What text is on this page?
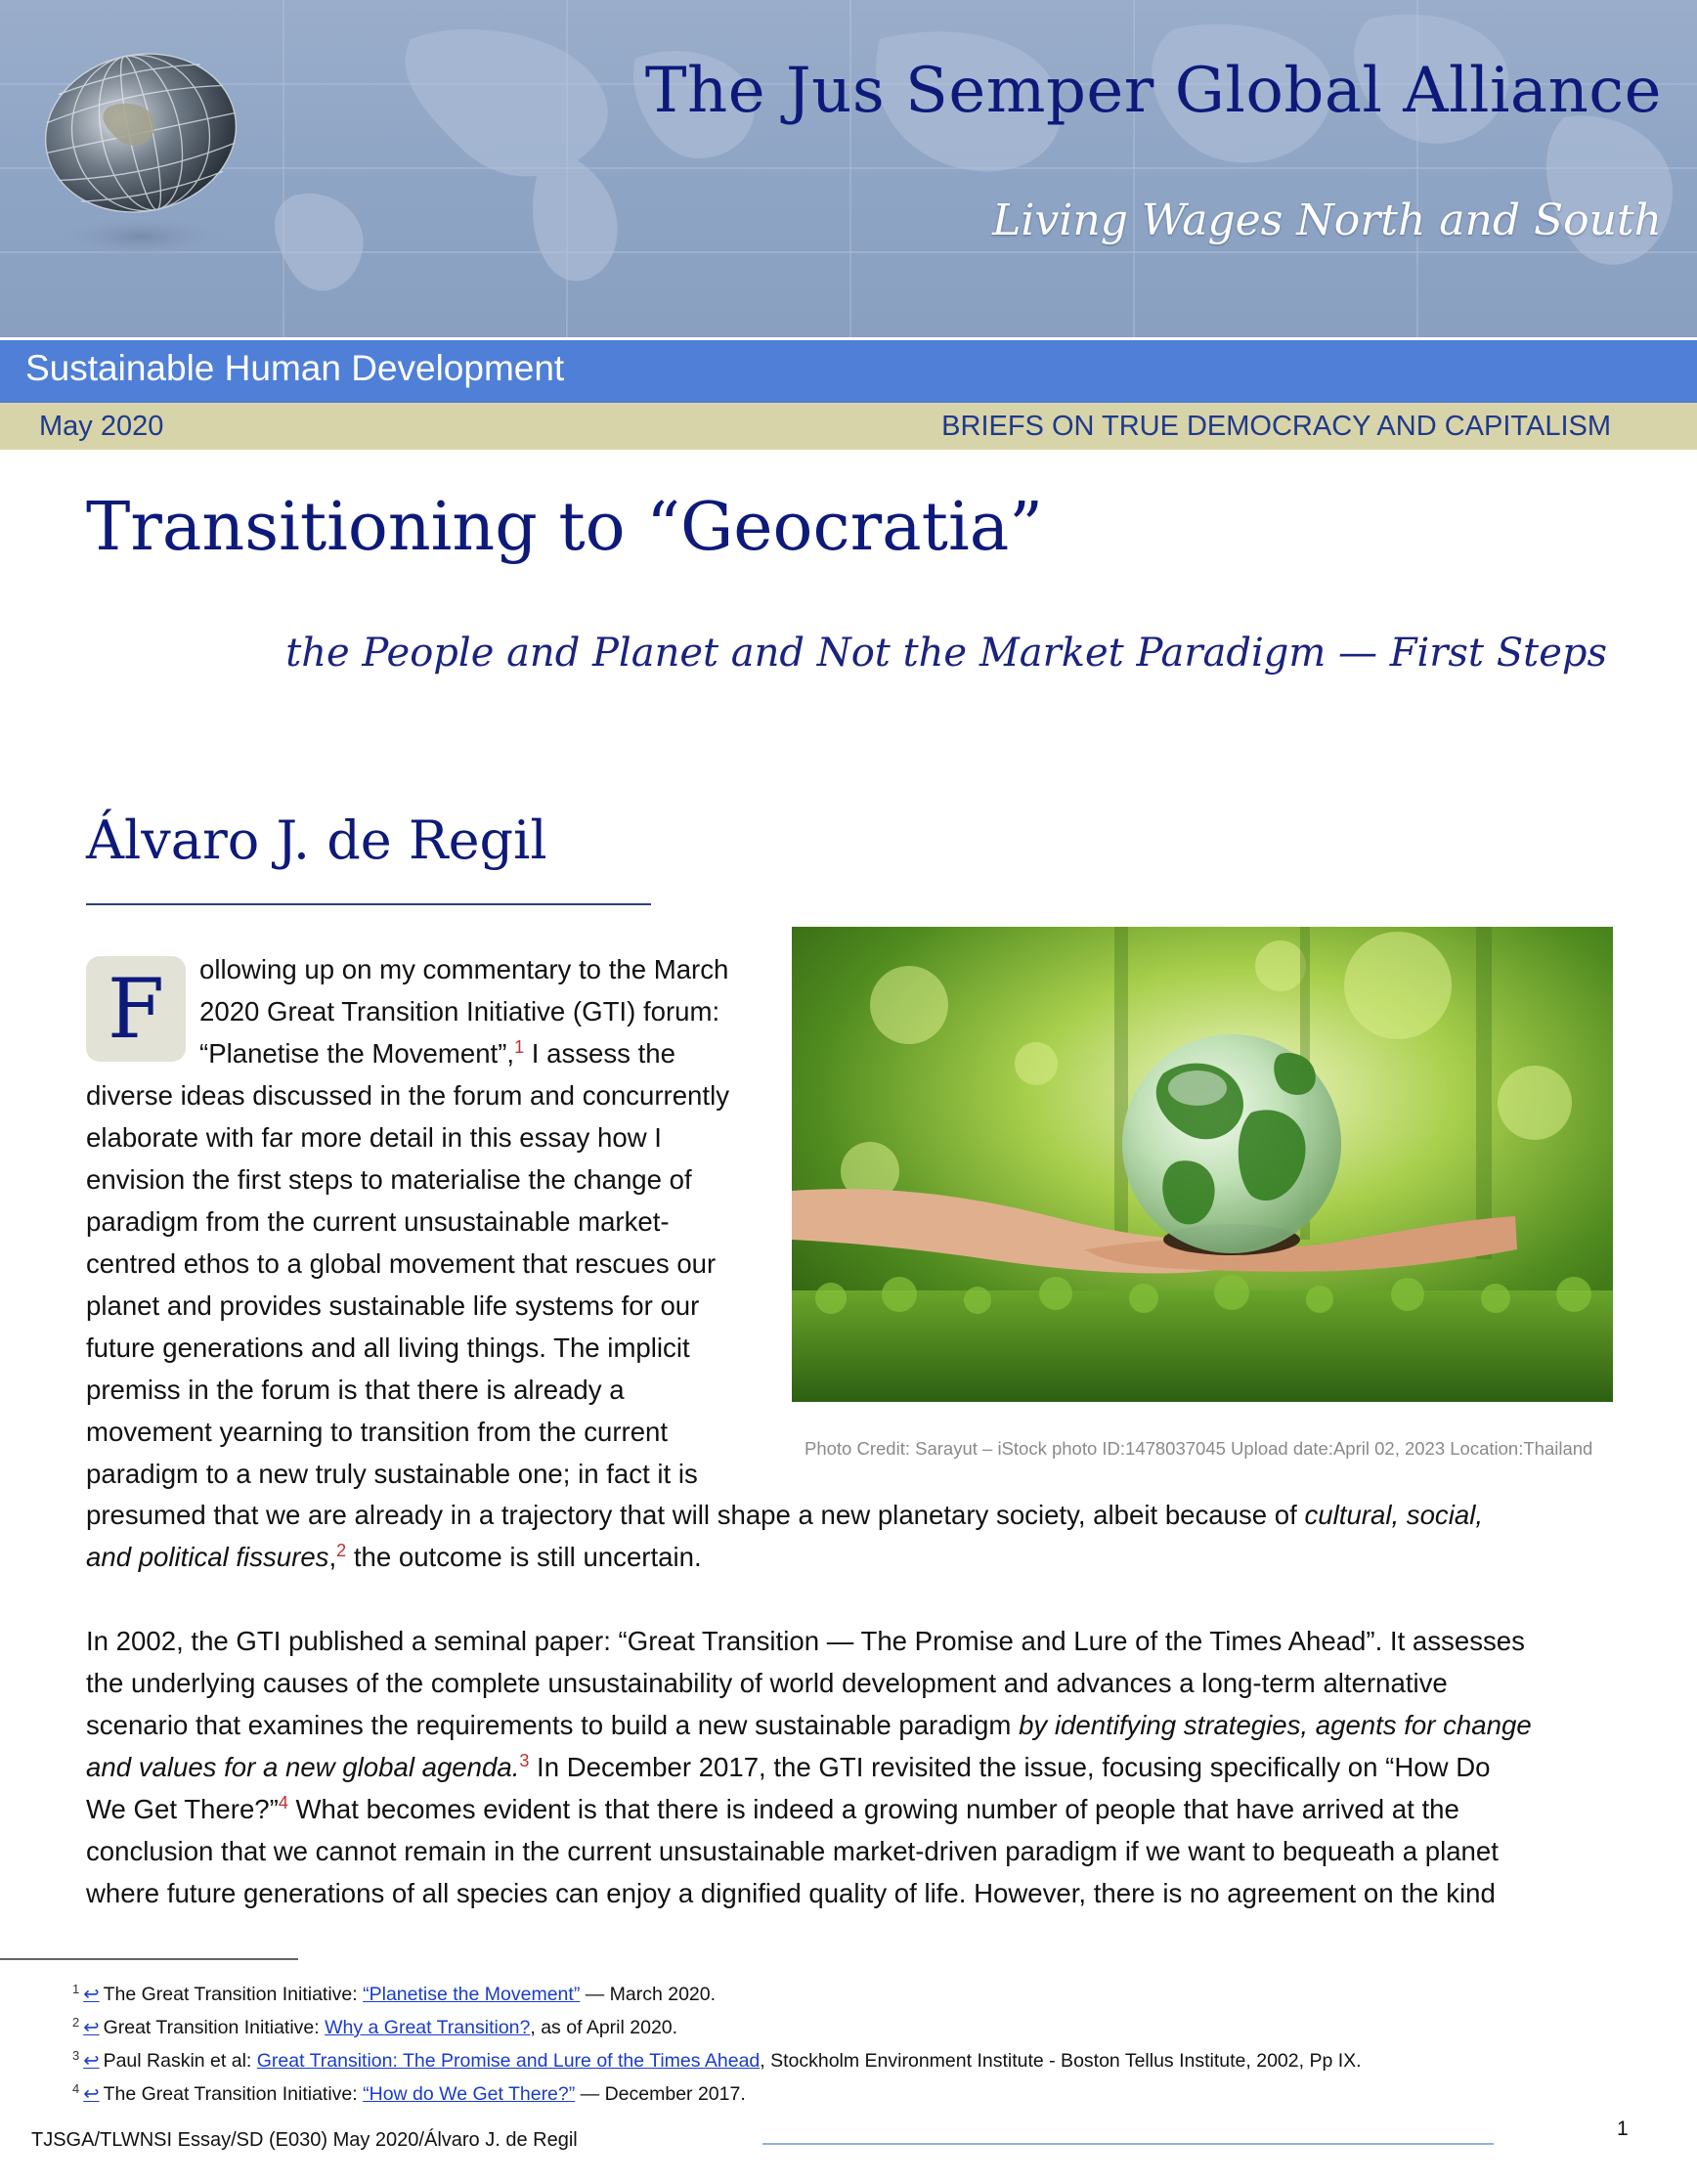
The Jus Semper Global Alliance
Living Wages North and South
Sustainable Human Development
May 2020	BRIEFS ON TRUE DEMOCRACY AND CAPITALISM
Transitioning to “Geocratia”
the People and Planet and Not the Market Paradigm — First Steps
Álvaro J. de Regil
F	ollowing up on my commentary to the March
2020 Great Transition Initiative (GTI) forum:
“Planetise the Movement”,$^1$ I assess the
diverse ideas discussed in the forum and concurrently
elaborate with far more detail in this essay how I
envision the first steps to materialise the change of
paradigm from the current unsustainable market-
centred ethos to a global movement that rescues our
planet and provides sustainable life systems for our
future generations and all living things. The implicit
premiss in the forum is that there is already a
movement yearning to transition from the current
paradigm to a new truly sustainable one; in fact it is
presumed that we are already in a trajectory that will shape a new planetary society, albeit because of cultural, social,
and political fissures,$^2$ the outcome is still uncertain.
Photo Credit: Sarayut – iStock photo ID:1478037045 Upload date:April 02, 2023 Location:Thailand
In 2002, the GTI published a seminal paper: “Great Transition — The Promise and Lure of the Times Ahead”. It assesses
the underlying causes of the complete unsustainability of world development and advances a long-term alternative
scenario that examines the requirements to build a new sustainable paradigm by identifying strategies, agents for change
and values for a new global agenda.$^3$ In December 2017, the GTI revisited the issue, focusing specifically on “How Do
We Get There?”$^4$ What becomes evident is that there is indeed a growing number of people that have arrived at the
conclusion that we cannot remain in the current unsustainable market-driven paradigm if we want to bequeath a planet
where future generations of all species can enjoy a dignified quality of life. However, there is no agreement on the kind
$^1$ ↩ The Great Transition Initiative: “Planetise the Movement” — March 2020.
$^2$ ↩ Great Transition Initiative: Why a Great Transition?, as of April 2020.
$^3$ ↩ Paul Raskin et al: Great Transition: The Promise and Lure of the Times Ahead, Stockholm Environment Institute - Boston Tellus Institute, 2002, Pp IX.
$^4$ ↩ The Great Transition Initiative: “How do We Get There?” — December 2017.
TJSGA/TLWNSI Essay/SD (E030) May 2020/Álvaro J. de Regil	1
